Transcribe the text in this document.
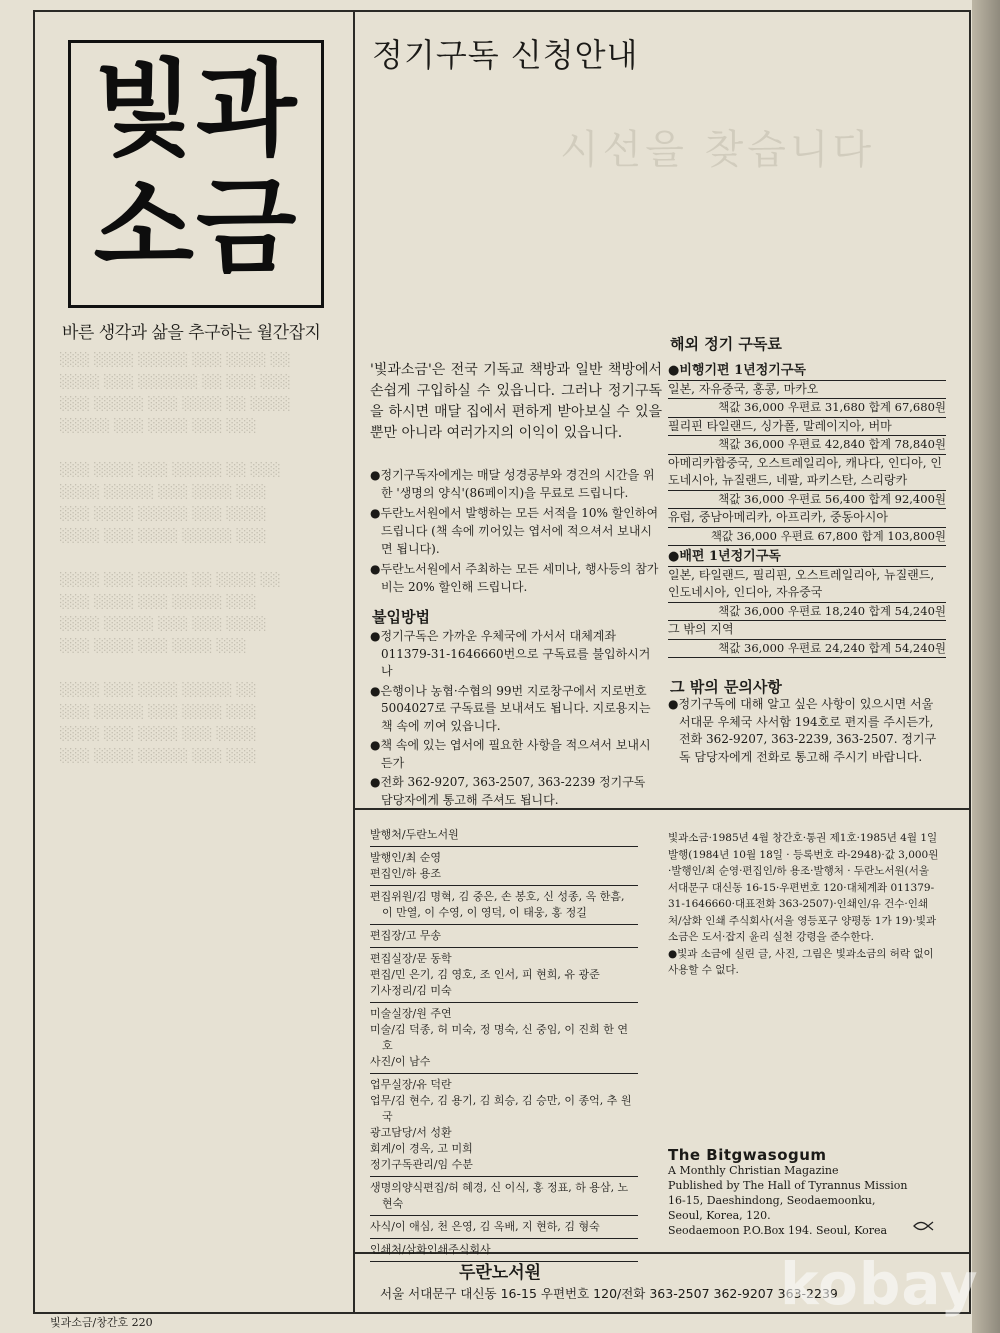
시선을 찾습니다
░░░ ░░░░ ░░░░░ ░░░ ░░░░ ░░
░░░░ ░░░ ░░░░░░ ░░ ░░░ ░░░
░░░ ░░░░░ ░░░ ░░░░ ░░ ░░░░
░░░░░ ░░░ ░░░░ ░░░ ░░░

░░░ ░░░░ ░░░ ░░░░░ ░░ ░░░
░░░░ ░░░░░ ░░░ ░░░░ ░░░
░░░ ░░░░ ░░░░░ ░░░ ░░░░
░░░░ ░░░ ░░░░ ░░░░░ ░░░

░░░░ ░░░ ░░░░░ ░░ ░░░░ ░░
░░░ ░░░░ ░░░ ░░░░░ ░░░
░░░░ ░░░░░ ░░░ ░░░ ░░░░
░░░ ░░░░ ░░░ ░░░░ ░░░

░░░░ ░░░ ░░░░ ░░░░░ ░░
░░░ ░░░░░ ░░░ ░░░░ ░░░
░░░░ ░░░ ░░░░ ░░░ ░░░░
░░░ ░░░░ ░░░░░ ░░░ ░░░
빛과
소금
바른 생각과 삶을 추구하는 월간잡지
정기구독 신청안내
'빛과소금'은 전국 기독교 책방과 일반 책방에서 손쉽게 구입하실 수 있읍니다. 그러나 정기구독을 하시면 매달 집에서 편하게 받아보실 수 있을 뿐만 아니라 여러가지의 이익이 있읍니다.

●정기구독자에게는 매달 성경공부와 경건의 시간을 위한 '생명의 양식'(86페이지)을 무료로 드립니다.

●두란노서원에서 발행하는 모든 서적을 10% 할인하여 드립니다 (책 속에 끼어있는 엽서에 적으셔서 보내시면 됩니다).

●두란노서원에서 주최하는 모든 세미나, 행사등의 참가비는 20% 할인해 드립니다.

불입방법

●정기구독은 가까운 우체국에 가서서 대체계좌 011379-31-1646660번으로 구독료를 불입하시거나

●은행이나 농협·수협의 99번 지로창구에서 지로번호 5004027로 구독료를 보내셔도 됩니다. 지로용지는 책 속에 끼여 있읍니다.

●책 속에 있는 엽서에 필요한 사항을 적으셔서 보내시든가

●전화 362-9207, 363-2507, 363-2239 정기구독 담당자에게 통고해 주셔도 됩니다.

해외 정기 구독료
●비행기편 1년정기구독
일본, 자유중국, 홍콩, 마카오
책값 36,000 우편료 31,680 합계 67,680원
필리핀 타일랜드, 싱가폴, 말레이지아, 버마
책값 36,000 우편료 42,840 합계 78,840원
아메리카합중국, 오스트레일리아, 캐나다, 인디아, 인도네시아, 뉴질랜드, 네팔, 파키스탄, 스리랑카
책값 36,000 우편료 56,400 합계 92,400원
유럽, 중남아메리카, 아프리카, 중동아시아
책값 36,000 우편료 67,800 합계 103,800원
●배편 1년정기구독
일본, 타일랜드, 필리핀, 오스트레일리아, 뉴질랜드, 인도네시아, 인디아, 자유중국
책값 36,000 우편료 18,240 합계 54,240원
그 밖의 지역
책값 36,000 우편료 24,240 합계 54,240원
그 밖의 문의사항

●정기구독에 대해 알고 싶은 사항이 있으시면 서울 서대문 우체국 사서함 194호로 편지를 주시든가, 전화 362-9207, 363-2239, 363-2507. 정기구독 담당자에게 전화로 통고해 주시기 바랍니다.

발행처/두란노서원
발행인/최 순영
편집인/하 용조
편집위원/김 명혁, 김 중은, 손 봉호, 신 성종, 옥 한흠, 이 만열, 이 수영, 이 영덕, 이 태웅, 홍 정길
편집장/고 무송
편집실장/문 동학
편집/민 은기, 김 영호, 조 인서, 피 현희, 유 광준
기사정리/김 미숙
미술실장/원 주연
미술/김 덕종, 허 미숙, 정 명숙, 신 중임, 이 진희 한 연호
사진/이 남수
업무실장/유 덕란
업무/김 현수, 김 용기, 김 희승, 김 승만, 이 종억, 추 원국
광고담당/서 성환
회계/이 경옥, 고 미희
정기구독관리/임 수분
생명의양식편집/허 혜경, 신 이식, 홍 정표, 하 용삼, 노 현숙
사식/이 애심, 천 은영, 김 옥배, 지 현하, 김 형숙
인쇄처/삼화인쇄주식회사

빛과소금·1985년 4월 창간호·통권 제1호·1985년 4월 1일 발행(1984년 10월 18일 · 등록번호 라-2948)·값 3,000원·발행인/최 순영·편집인/하 용조·발행처 · 두란노서원(서울 서대문구 대신동 16-15·우편번호 120·대체계좌 011379-31-1646660·대표전화 363-2507)·인쇄인/유 건수·인쇄처/삼화 인쇄 주식회사(서울 영등포구 양평동 1가 19)·빛과 소금은 도서·잡지 윤리 실천 강령을 준수한다.

●빛과 소금에 실린 글, 사진, 그림은 빛과소금의 허락 없이 사용할 수 없다.

The Bitgwasogum
A Monthly Christian Magazine
Published by The Hall of Tyrannus Mission
16-15, Daeshindong, Seodaemoonku,
Seoul, Korea, 120.
Seodaemoon P.O.Box 194. Seoul, Korea
두란노서원
서울 서대문구 대신동 16-15 우편번호 120/전화 363-2507 362-9207 363-2239
빛과소금/창간호 220
kobay
